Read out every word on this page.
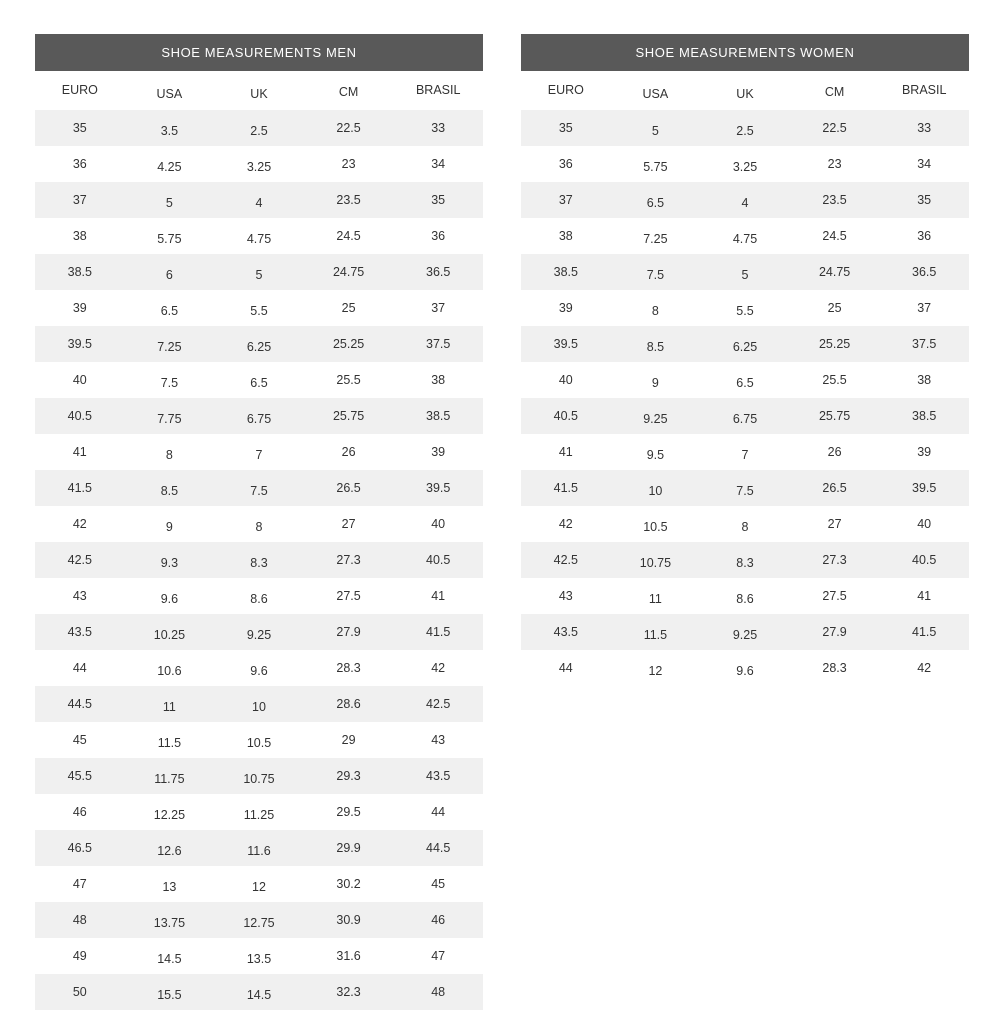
SHOE MEASUREMENTS MEN
EURO	USA	UK	CM	BRASIL
35	3.5	2.5	22.5	33
36	4.25	3.25	23	34
37	5	4	23.5	35
38	5.75	4.75	24.5	36
38.5	6	5	24.75	36.5
39	6.5	5.5	25	37
39.5	7.25	6.25	25.25	37.5
40	7.5	6.5	25.5	38
40.5	7.75	6.75	25.75	38.5
41	8	7	26	39
41.5	8.5	7.5	26.5	39.5
42	9	8	27	40
42.5	9.3	8.3	27.3	40.5
43	9.6	8.6	27.5	41
43.5	10.25	9.25	27.9	41.5
44	10.6	9.6	28.3	42
44.5	11	10	28.6	42.5
45	11.5	10.5	29	43
45.5	11.75	10.75	29.3	43.5
46	12.25	11.25	29.5	44
46.5	12.6	11.6	29.9	44.5
47	13	12	30.2	45
48	13.75	12.75	30.9	46
49	14.5	13.5	31.6	47
50	15.5	14.5	32.3	48
SHOE MEASUREMENTS WOMEN
EURO	USA	UK	CM	BRASIL
35	5	2.5	22.5	33
36	5.75	3.25	23	34
37	6.5	4	23.5	35
38	7.25	4.75	24.5	36
38.5	7.5	5	24.75	36.5
39	8	5.5	25	37
39.5	8.5	6.25	25.25	37.5
40	9	6.5	25.5	38
40.5	9.25	6.75	25.75	38.5
41	9.5	7	26	39
41.5	10	7.5	26.5	39.5
42	10.5	8	27	40
42.5	10.75	8.3	27.3	40.5
43	11	8.6	27.5	41
43.5	11.5	9.25	27.9	41.5
44	12	9.6	28.3	42
